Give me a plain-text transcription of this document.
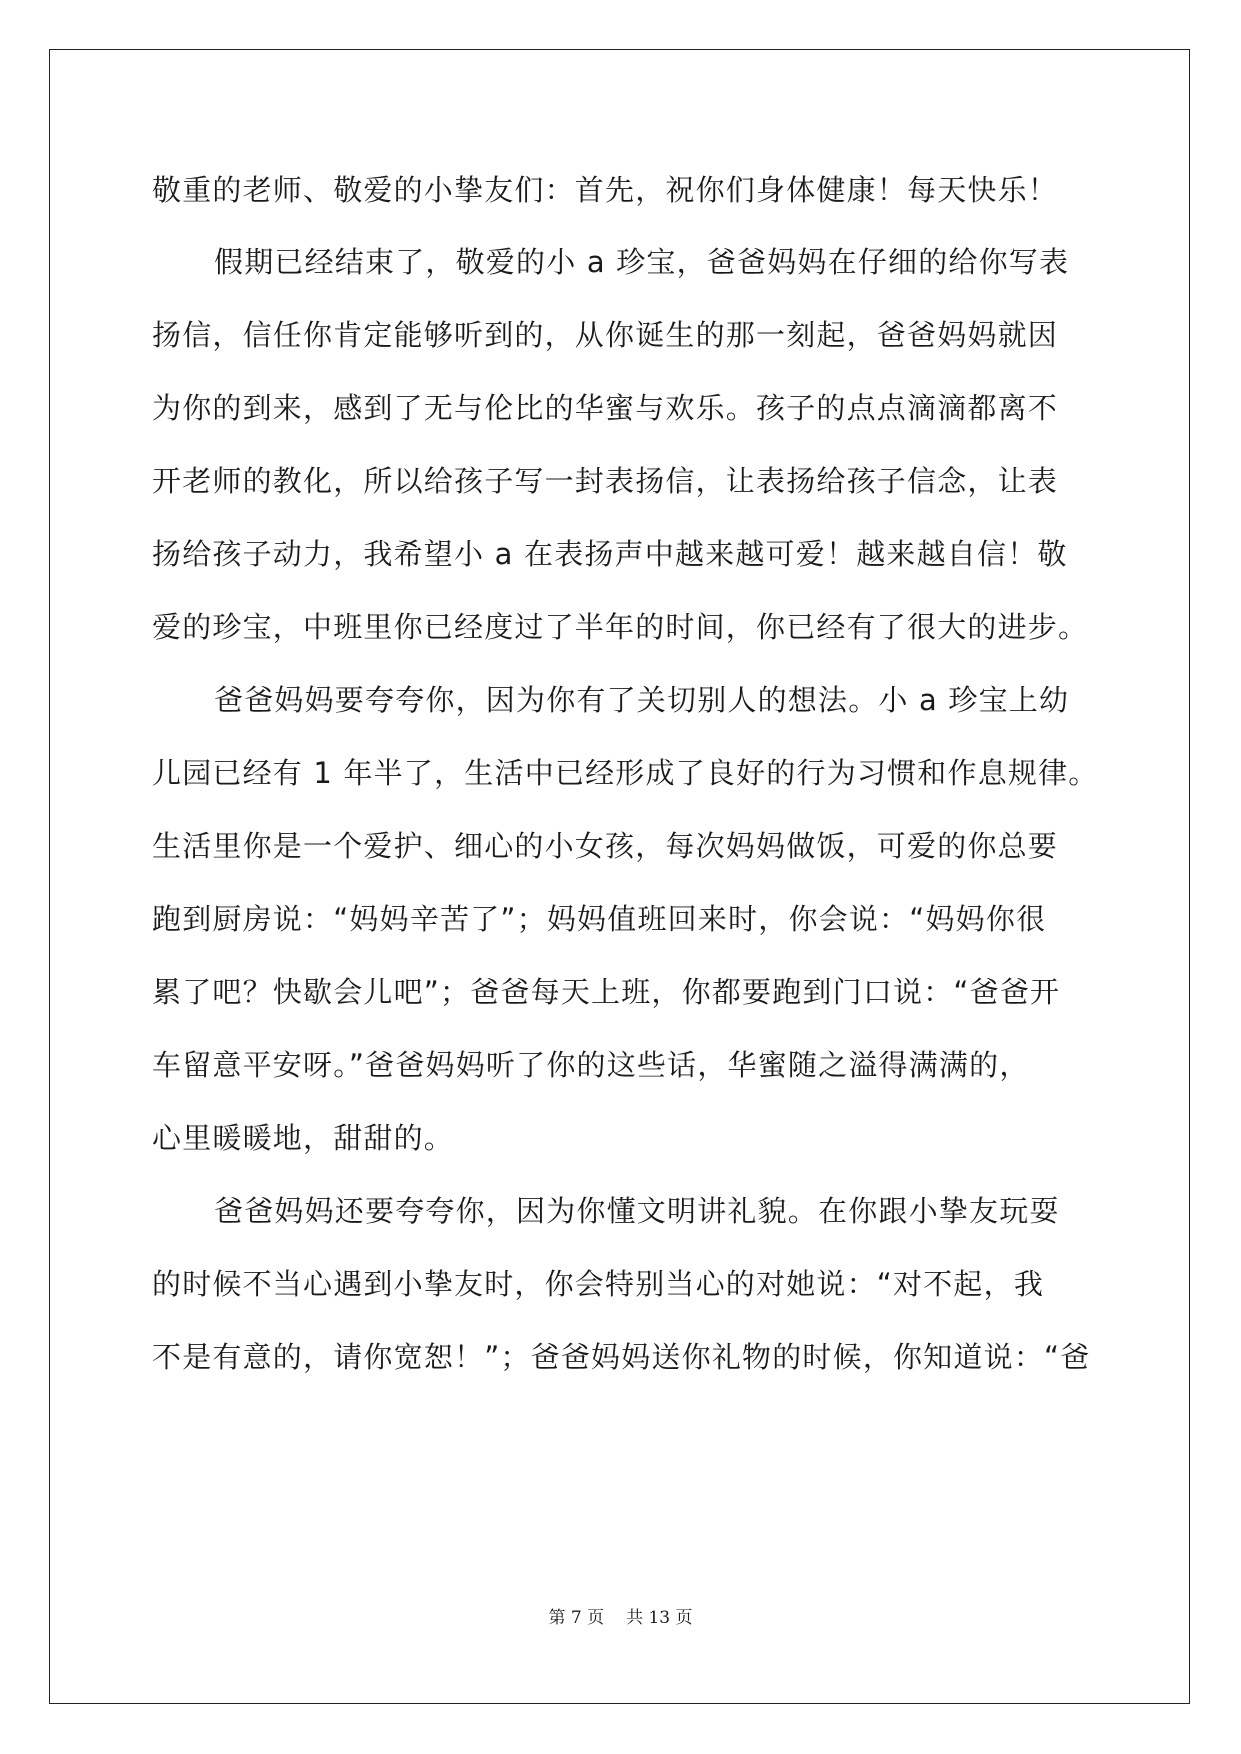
敬重的老师、敬爱的小挚友们：首先，祝你们身体健康！每天快乐！
假期已经结束了，敬爱的小 a 珍宝，爸爸妈妈在仔细的给你写表
扬信，信任你肯定能够听到的，从你诞生的那一刻起，爸爸妈妈就因
为你的到来，感到了无与伦比的华蜜与欢乐。孩子的点点滴滴都离不
开老师的教化，所以给孩子写一封表扬信，让表扬给孩子信念，让表
扬给孩子动力，我希望小 a 在表扬声中越来越可爱！越来越自信！敬
爱的珍宝，中班里你已经度过了半年的时间，你已经有了很大的进步。
爸爸妈妈要夸夸你，因为你有了关切别人的想法。小 a 珍宝上幼
儿园已经有 1 年半了，生活中已经形成了良好的行为习惯和作息规律。
生活里你是一个爱护、细心的小女孩，每次妈妈做饭，可爱的你总要
跑到厨房说：“妈妈辛苦了”；妈妈值班回来时，你会说：“妈妈你很
累了吧？快歇会儿吧”；爸爸每天上班，你都要跑到门口说：“爸爸开
车留意平安呀。”爸爸妈妈听了你的这些话，华蜜随之溢得满满的，
心里暖暖地，甜甜的。
爸爸妈妈还要夸夸你，因为你懂文明讲礼貌。在你跟小挚友玩耍
的时候不当心遇到小挚友时，你会特别当心的对她说：“对不起，我
不是有意的，请你宽恕！”；爸爸妈妈送你礼物的时候，你知道说：“爸
第 7 页 共 13 页
